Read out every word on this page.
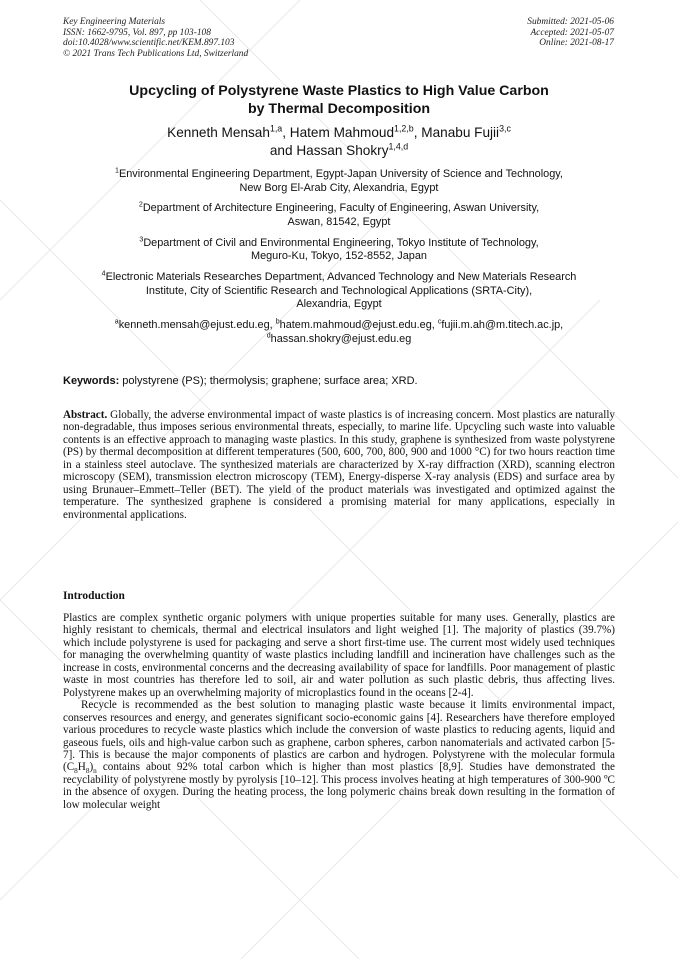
Key Engineering Materials
ISSN: 1662-9795, Vol. 897, pp 103-108
doi:10.4028/www.scientific.net/KEM.897.103
© 2021 Trans Tech Publications Ltd, Switzerland
Submitted: 2021-05-06
Accepted: 2021-05-07
Online: 2021-08-17
Upcycling of Polystyrene Waste Plastics to High Value Carbon
by Thermal Decomposition
Kenneth Mensah$^{1,a}$, Hatem Mahmoud$^{1,2,b}$, Manabu Fujii$^{3,c}$
and Hassan Shokry$^{1,4,d}$
$^1$Environmental Engineering Department, Egypt-Japan University of Science and Technology,
New Borg El-Arab City, Alexandria, Egypt
$^2$Department of Architecture Engineering, Faculty of Engineering, Aswan University,
Aswan, 81542, Egypt
$^3$Department of Civil and Environmental Engineering, Tokyo Institute of Technology,
Meguro-Ku, Tokyo, 152-8552, Japan
$^4$Electronic Materials Researches Department, Advanced Technology and New Materials Research
Institute, City of Scientific Research and Technological Applications (SRTA-City),
Alexandria, Egypt
$^a$kenneth.mensah@ejust.edu.eg, $^b$hatem.mahmoud@ejust.edu.eg, $^c$fujii.m.ah@m.titech.ac.jp,
$^d$hassan.shokry@ejust.edu.eg
Keywords: polystyrene (PS); thermolysis; graphene; surface area; XRD.

Abstract. Globally, the adverse environmental impact of waste plastics is of increasing concern. Most plastics are naturally non-degradable, thus imposes serious environmental threats, especially, to marine life. Upcycling such waste into valuable contents is an effective approach to managing waste plastics. In this study, graphene is synthesized from waste polystyrene (PS) by thermal decomposition at different temperatures (500, 600, 700, 800, 900 and 1000 °C) for two hours reaction time in a stainless steel autoclave. The synthesized materials are characterized by X-ray diffraction (XRD), scanning electron microscopy (SEM), transmission electron microscopy (TEM), Energy-disperse X-ray analysis (EDS) and surface area by using Brunauer–Emmett–Teller (BET). The yield of the product materials was investigated and optimized against the temperature. The synthesized graphene is considered a promising material for many applications, especially in environmental applications.

Introduction

Plastics are complex synthetic organic polymers with unique properties suitable for many uses. Generally, plastics are highly resistant to chemicals, thermal and electrical insulators and light weighed [1]. The majority of plastics (39.7%) which include polystyrene is used for packaging and serve a short first-time use. The current most widely used techniques for managing the overwhelming quantity of waste plastics including landfill and incineration have challenges such as the increase in costs, environmental concerns and the decreasing availability of space for landfills. Poor management of plastic waste in most countries has therefore led to soil, air and water pollution as such plastic debris, thus affecting lives. Polystyrene makes up an overwhelming majority of microplastics found in the oceans [2-4].

Recycle is recommended as the best solution to managing plastic waste because it limits environmental impact, conserves resources and energy, and generates significant socio-economic gains [4]. Researchers have therefore employed various procedures to recycle waste plastics which include the conversion of waste plastics to reducing agents, liquid and gaseous fuels, oils and high-value carbon such as graphene, carbon spheres, carbon nanomaterials and activated carbon [5-7]. This is because the major components of plastics are carbon and hydrogen. Polystyrene with the molecular formula $(C_8H_8)_n$ contains about 92% total carbon which is higher than most plastics [8,9]. Studies have demonstrated the recyclability of polystyrene mostly by pyrolysis [10–12]. This process involves heating at high temperatures of 300-900 ºC in the absence of oxygen. During the heating process, the long polymeric chains break down resulting in the formation of low molecular weight
